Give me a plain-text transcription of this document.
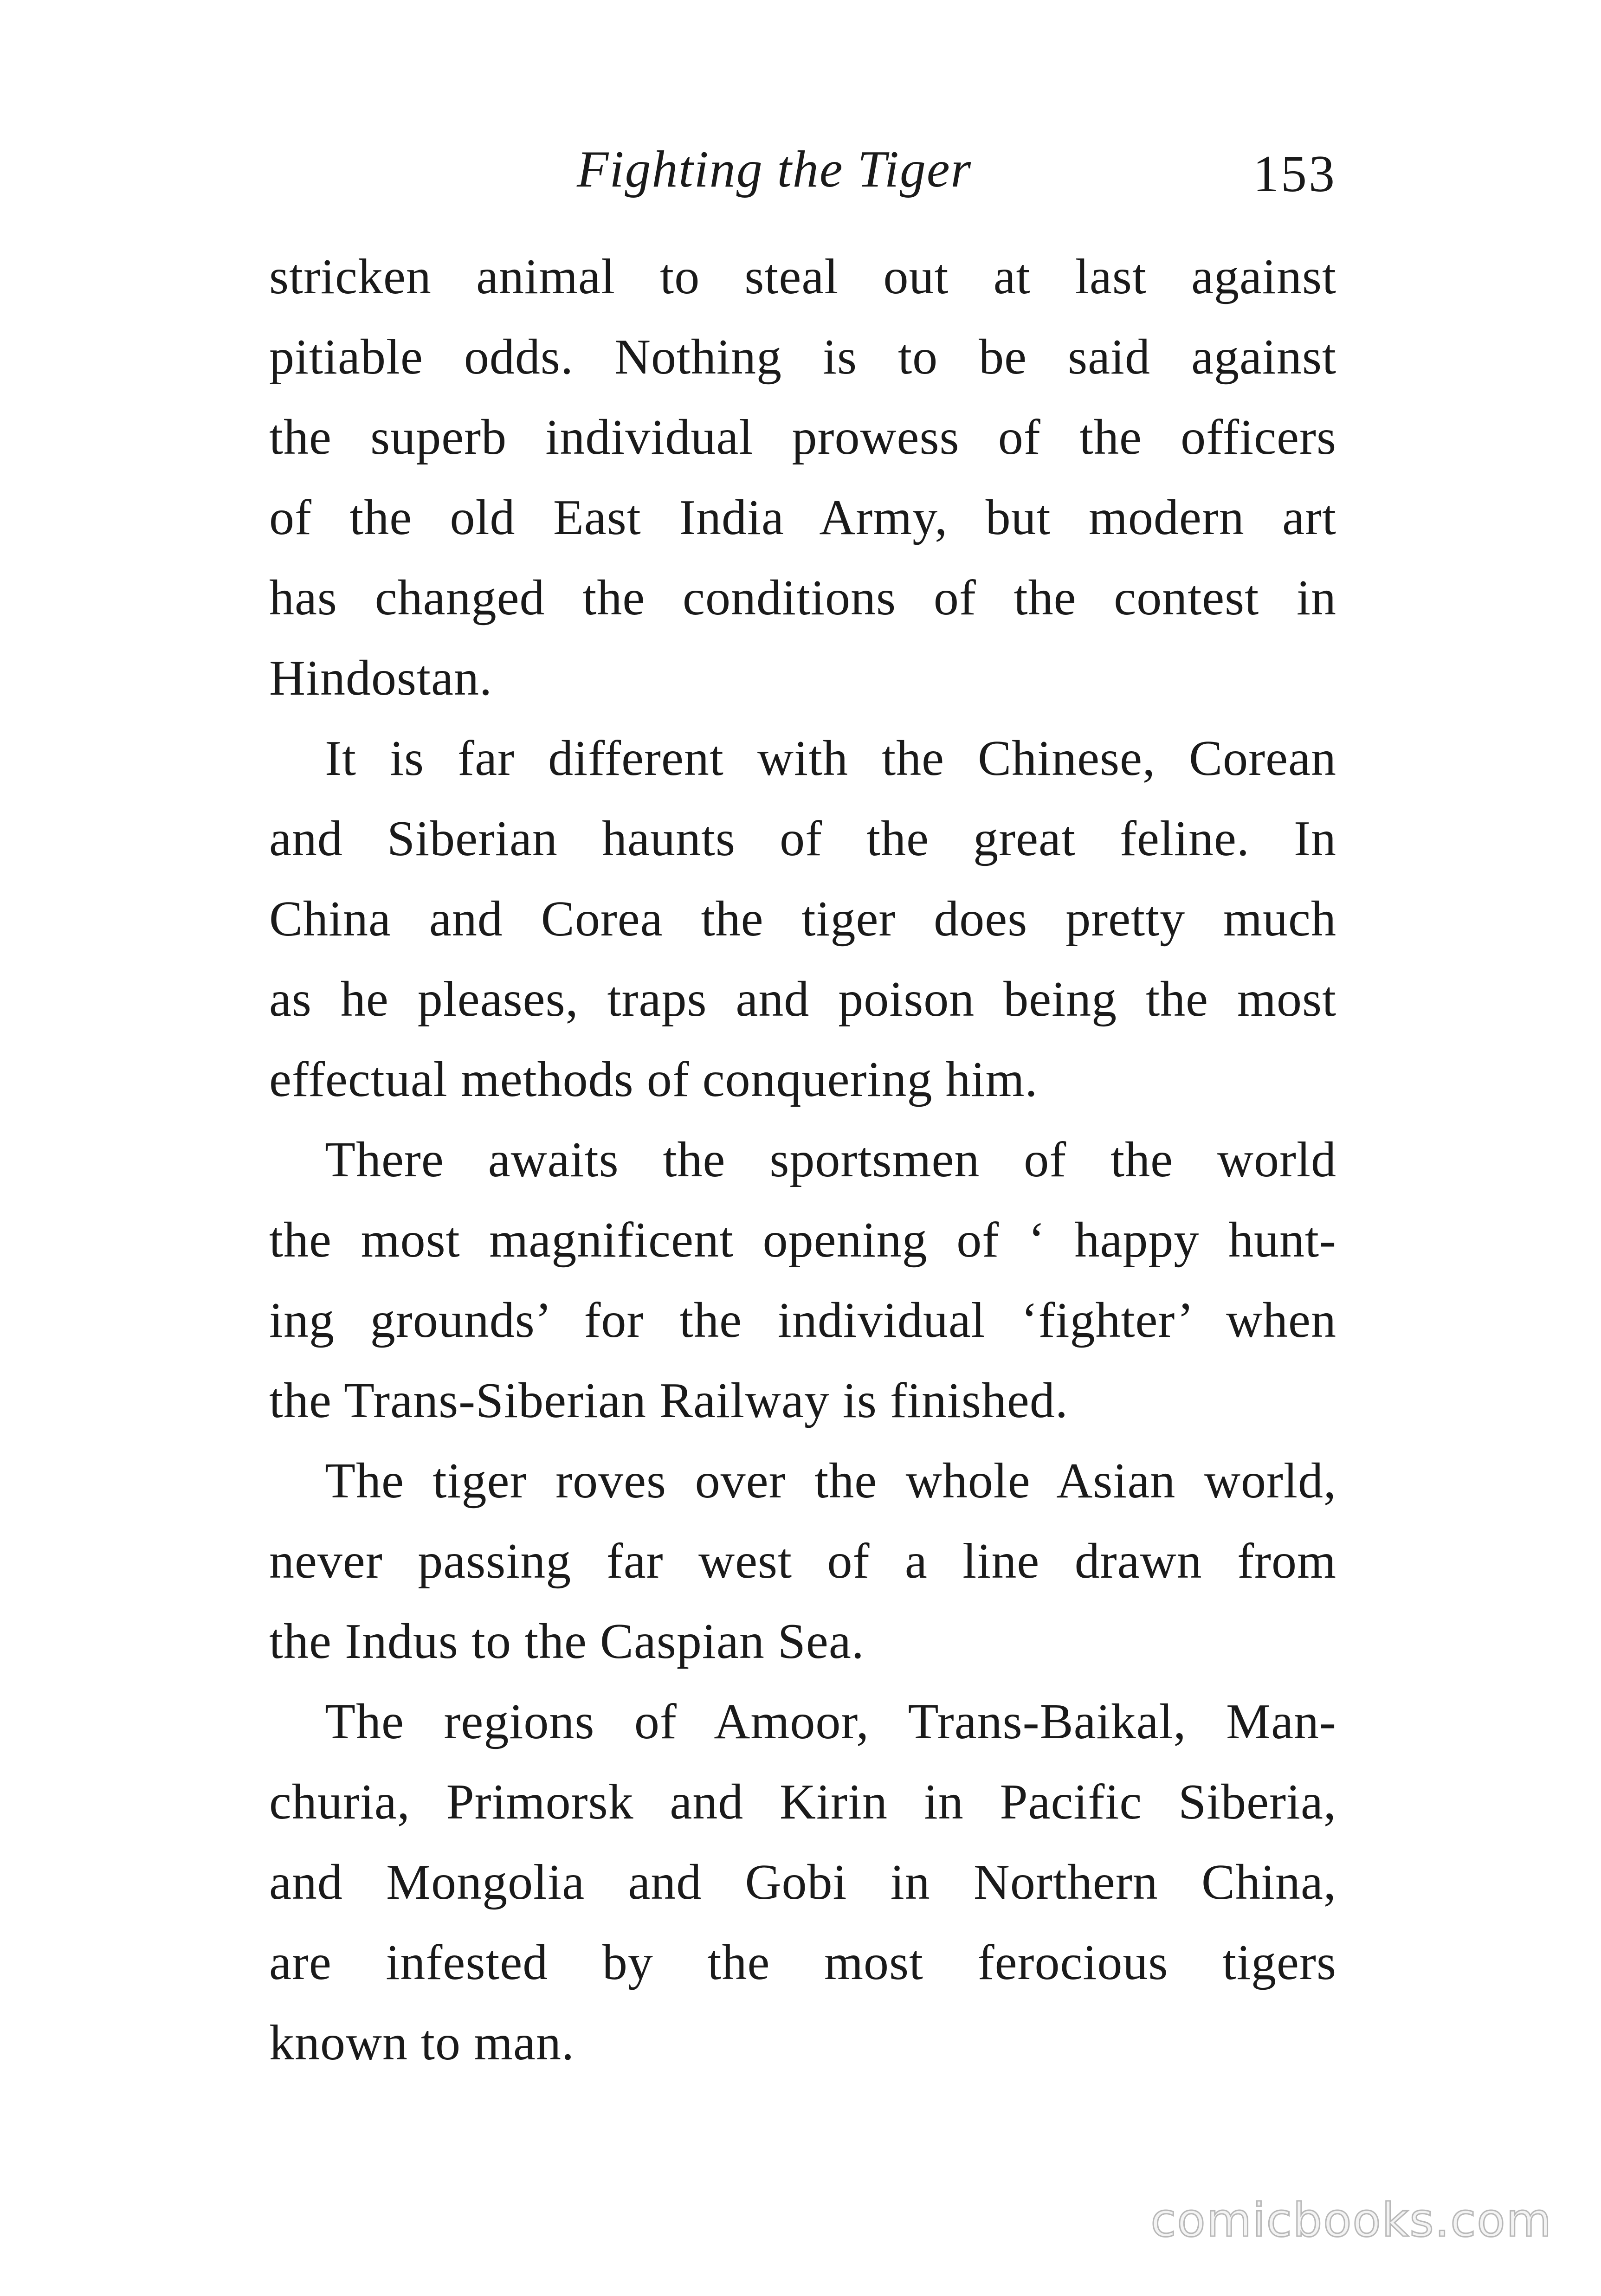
Fighting the Tiger	153
stricken animal to steal out at last against
pitiable odds. Nothing is to be said against
the superb individual prowess of the officers
of the old East India Army, but modern art
has changed the conditions of the contest in
Hindostan.
It is far different with the Chinese, Corean
and Siberian haunts of the great feline. In
China and Corea the tiger does pretty much
as he pleases, traps and poison being the most
effectual methods of conquering him.
There awaits the sportsmen of the world
the most magnificent opening of ‘ happy hunt-
ing grounds’ for the individual ‘fighter’ when
the Trans-Siberian Railway is finished.
The tiger roves over the whole Asian world,
never passing far west of a line drawn from
the Indus to the Caspian Sea.
The regions of Amoor, Trans-Baikal, Man-
churia, Primorsk and Kirin in Pacific Siberia,
and Mongolia and Gobi in Northern China,
are infested by the most ferocious tigers
known to man.
comicbooks.com
